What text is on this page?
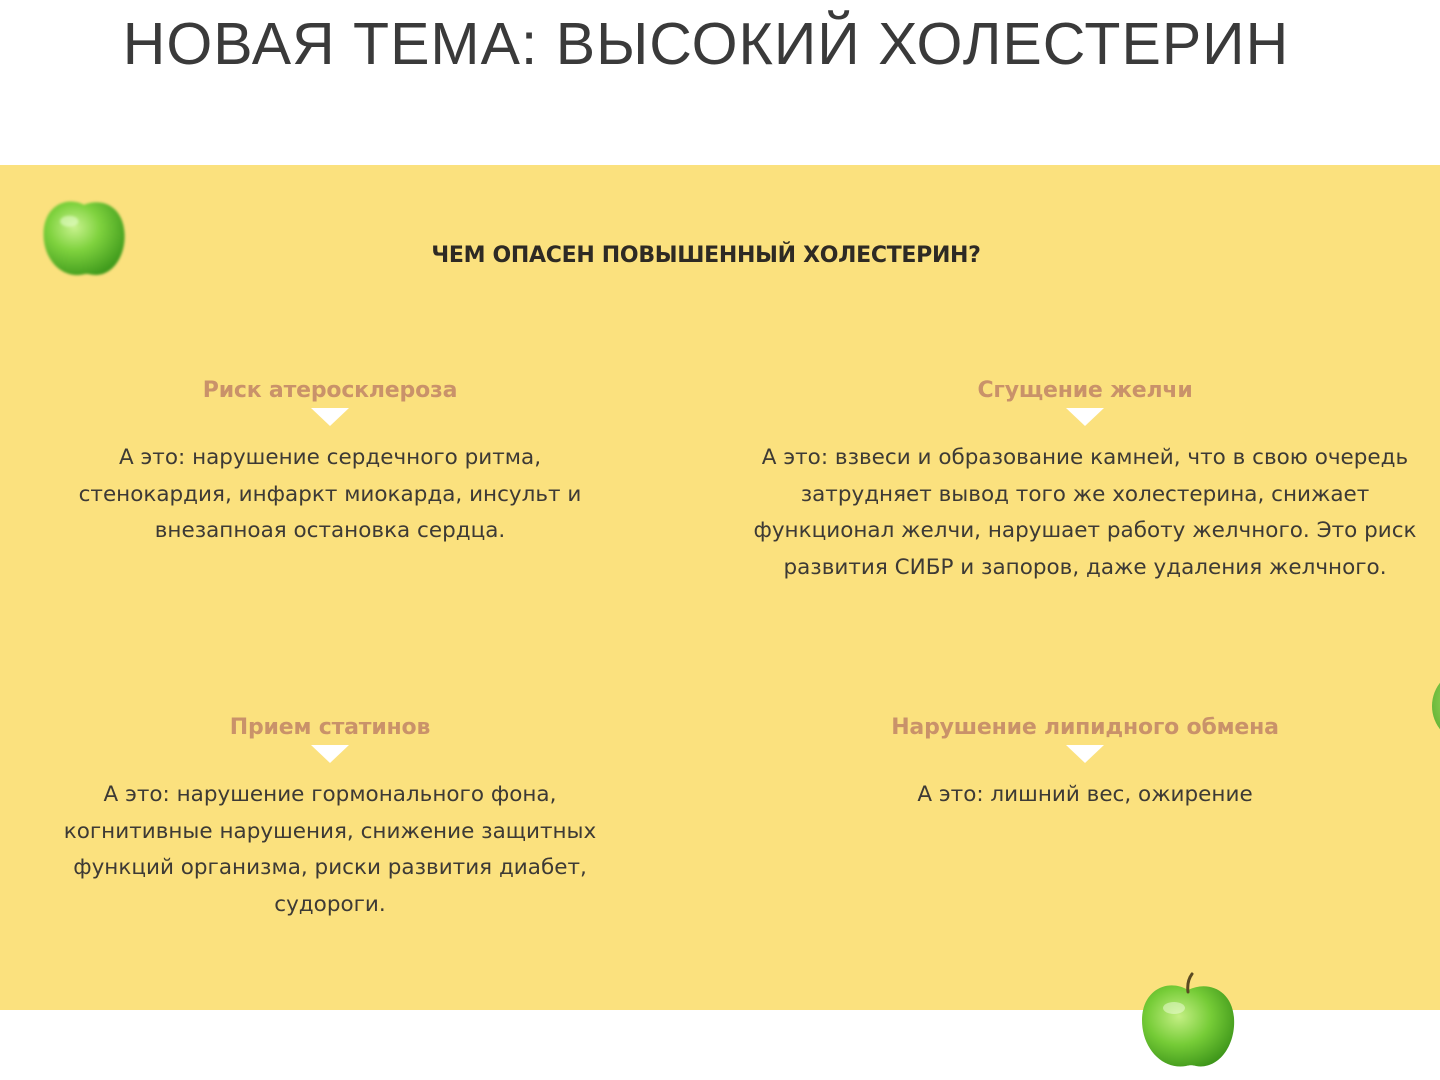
НОВАЯ ТЕМА: ВЫСОКИЙ ХОЛЕСТЕРИН
ЧЕМ ОПАСЕН ПОВЫШЕННЫЙ ХОЛЕСТЕРИН?
Риск атеросклероза

А это: нарушение сердечного ритма, стенокардия, инфаркт миокарда, инсульт и внезапноая остановка сердца.

Сгущение желчи

А это: взвеси и образование камней, что в свою очередь затрудняет вывод того же холестерина, снижает функционал желчи, нарушает работу желчного. Это риск развития СИБР и запоров, даже удаления желчного.

Прием статинов

А это: нарушение гормонального фона, когнитивные нарушения, снижение защитных функций организма, риски развития диабет, судороги.

Нарушение липидного обмена

А это: лишний вес, ожирение
